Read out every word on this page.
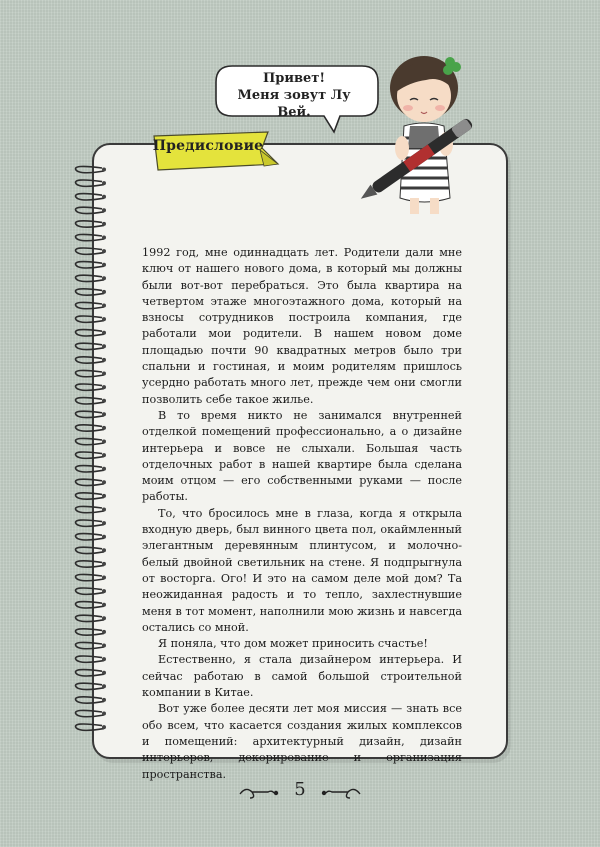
Предисловие
Привет!
Меня зовут Лу Вей.

1992 год, мне одиннадцать лет. Родители дали мне ключ от нашего нового дома, в который мы должны были вот-вот перебраться. Это была квартира на четвертом этаже многоэтажного дома, который на взносы сотрудников построила компания, где работали мои родители. В нашем новом доме площадью почти 90 квадратных метров было три спальни и гостиная, и моим родителям пришлось усердно работать много лет, прежде чем они смогли позволить себе такое жилье.

В то время никто не занимался внутренней отделкой помещений профессионально, а о дизайне интерьера и вовсе не слыхали. Большая часть отделочных работ в нашей квартире была сделана моим отцом — его собственными руками — после работы.

То, что бросилось мне в глаза, когда я открыла входную дверь, был винного цвета пол, окаймленный элегантным деревянным плинтусом, и молочно-белый двойной светильник на стене. Я подпрыгнула от восторга. Ого! И это на самом деле мой дом? Та неожиданная радость и то тепло, захлестнувшие меня в тот момент, наполнили мою жизнь и навсегда остались со мной.

Я поняла, что дом может приносить счастье!

Естественно, я стала дизайнером интерьера. И сейчас работаю в самой большой строительной компании в Китае.

Вот уже более десяти лет моя миссия — знать все обо всем, что касается создания жилых комплексов и помещений: архитектурный дизайн, дизайн интерьеров, декорирование и организация пространства.

5
